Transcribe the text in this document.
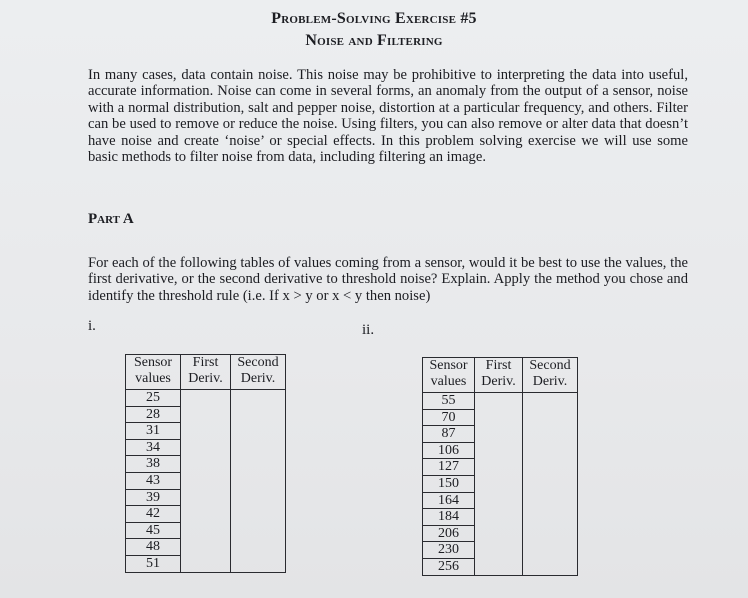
Problem-Solving Exercise #5
Noise and Filtering
In many cases, data contain noise. This noise may be prohibitive to interpreting the data into useful, accurate information. Noise can come in several forms, an anomaly from the output of a sensor, noise with a normal distribution, salt and pepper noise, distortion at a particular frequency, and others. Filter can be used to remove or reduce the noise. Using filters, you can also remove or alter data that doesn’t have noise and create ‘noise’ or special effects. In this problem solving exercise we will use some basic methods to filter noise from data, including filtering an image.
Part A
For each of the following tables of values coming from a sensor, would it be best to use the values, the first derivative, or the second derivative to threshold noise? Explain. Apply the method you chose and identify the threshold rule (i.e. If x > y or x < y then noise)
i.	ii.
Sensor values	First Deriv.	Second Deriv.
25		
28		
31		
34		
38		
43		
39		
42		
45		
48		
51		
Sensor values	First Deriv.	Second Deriv.
55		
70		
87		
106		
127		
150		
164		
184		
206		
230		
256		
